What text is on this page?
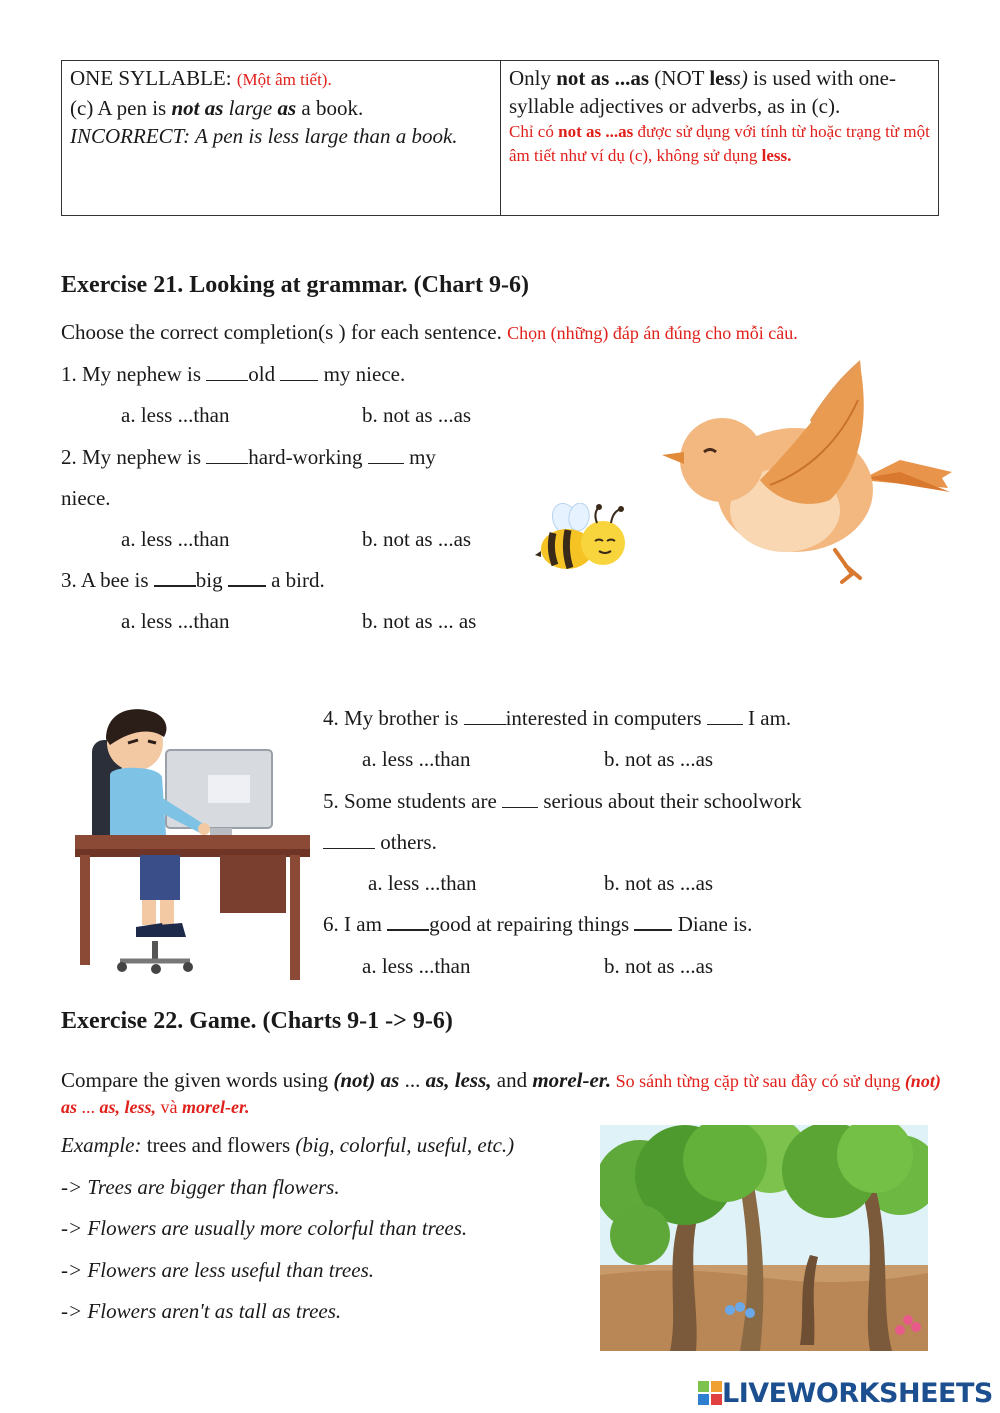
ONE SYLLABLE: (Một âm tiết).
(c) A pen is not as large as a book.
INCORRECT: A pen is less large than a book.
Only not as ...as (NOT less) is used with one-syllable adjectives or adverbs, as in (c).
Chỉ có not as ...as được sử dụng với tính từ hoặc trạng từ một âm tiết như ví dụ (c), không sử dụng less.
Exercise 21. Looking at grammar. (Chart 9-6)
Choose the correct completion(s ) for each sentence. Chọn (những) đáp án đúng cho mỗi câu.
1. My nephew is old  my niece.
a. less ...than	b. not as ...as
2. My nephew is hard-working  my
niece.
a. less ...than	b. not as ...as
3. A bee is big  a bird.
a. less ...than	b. not as ... as
4. My brother is interested in computers  I am.
a. less ...than	b. not as ...as
5. Some students are  serious about their schoolwork
others.
a. less ...than	b. not as ...as
6. I am good at repairing things  Diane is.
a. less ...than	b. not as ...as
Exercise 22. Game. (Charts 9-1 -> 9-6)
Compare the given words using (not) as ... as, less, and morel-er. So sánh từng cặp từ sau đây có sử dụng (not) as ... as, less, và morel-er.
Example: trees and flowers (big, colorful, useful, etc.)
-> Trees are bigger than flowers.
-> Flowers are usually more colorful than trees.
-> Flowers are less useful than trees.
-> Flowers aren't as tall as trees.
LIVEWORKSHEETS
